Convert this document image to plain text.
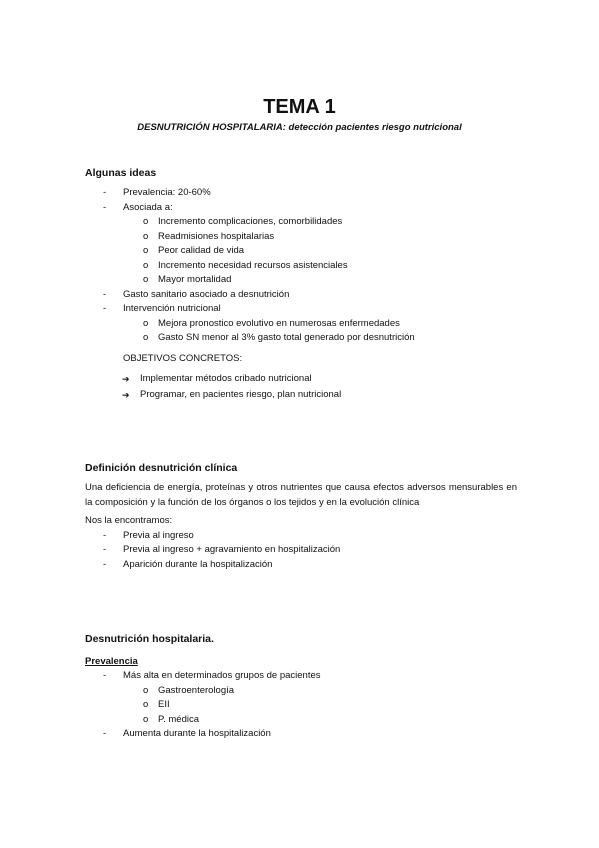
TEMA 1

DESNUTRICIÓN HOSPITALARIA: detección pacientes riesgo nutricional

Algunas ideas

- Prevalencia: 20-60%
- Asociada a:
o Incremento complicaciones, comorbilidades
o Readmisiones hospitalarias
o Peor calidad de vida
o Incremento necesidad recursos asistenciales
o Mayor mortalidad
- Gasto sanitario asociado a desnutrición
- Intervención nutricional
o Mejora pronostico evolutivo en numerosas enfermedades
o Gasto SN menor al 3% gasto total generado por desnutrición

OBJETIVOS CONCRETOS:

➔ Implementar métodos cribado nutricional
➔ Programar, en pacientes riesgo, plan nutricional

Definición desnutrición clínica

Una deficiencia de energía, proteínas y otros nutrientes que causa efectos adversos mensurables en la composición y la función de los órganos o los tejidos y en la evolución clínica

Nos la encontramos:

- Previa al ingreso
- Previa al ingreso + agravamiento en hospitalización
- Aparición durante la hospitalización

Desnutrición hospitalaria.

Prevalencia

- Más alta en determinados grupos de pacientes
o Gastroenterología
o EII
o P. médica
- Aumenta durante la hospitalización
